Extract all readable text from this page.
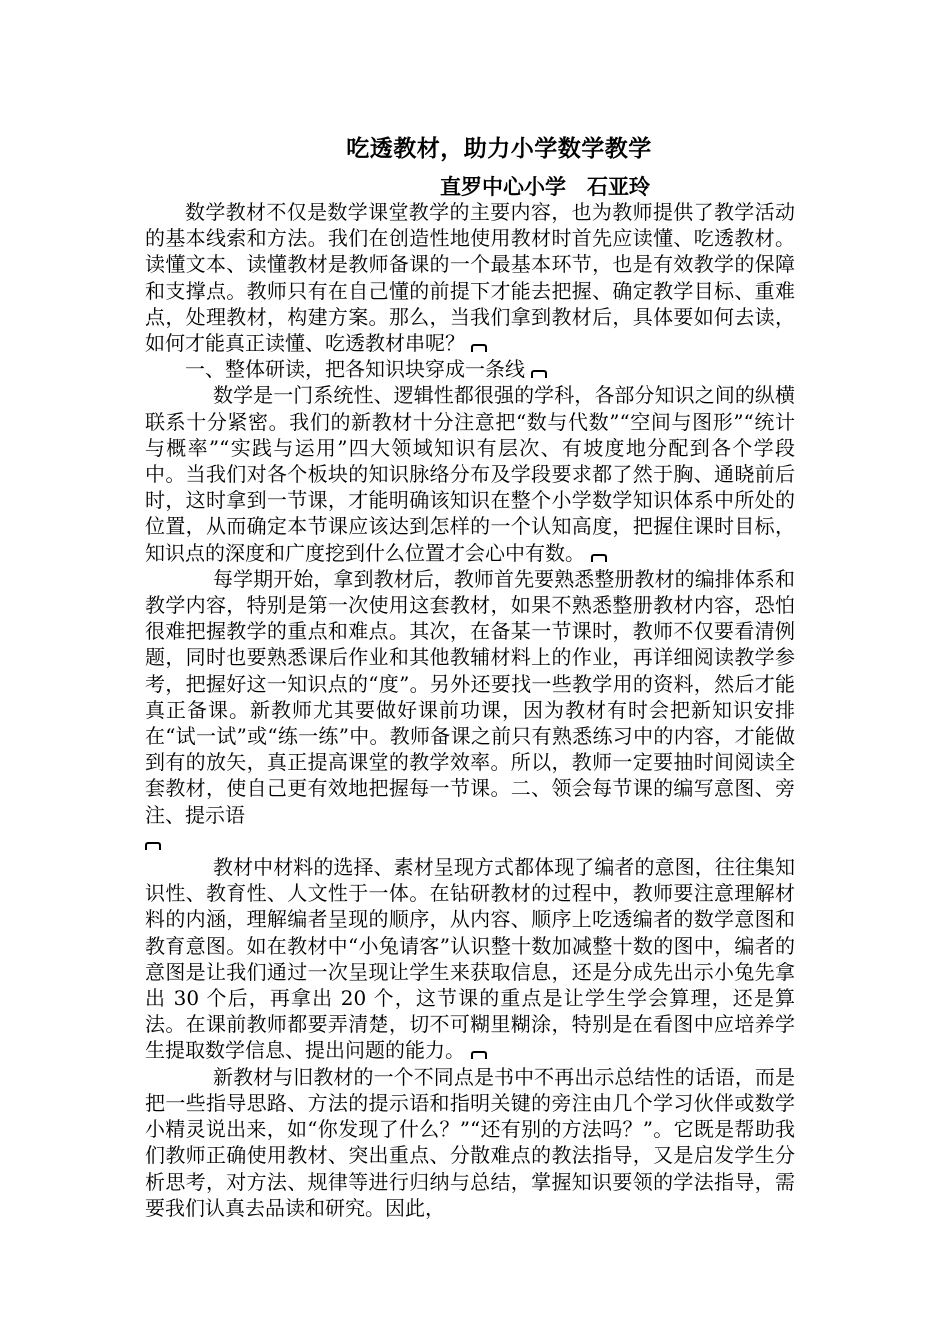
吃透教材，助力小学数学教学
直罗中心小学　石亚玲

数学教材不仅是数学课堂教学的主要内容，也为教师提供了教学活动的基本线索和方法。我们在创造性地使用教材时首先应读懂、吃透教材。读懂文本、读懂教材是教师备课的一个最基本环节，也是有效教学的保障和支撑点。教师只有在自己懂的前提下才能去把握、确定教学目标、重难点，处理教材，构建方案。那么，当我们拿到教材后，具体要如何去读，如何才能真正读懂、吃透教材串呢？

一、整体研读，把各知识块穿成一条线

数学是一门系统性、逻辑性都很强的学科，各部分知识之间的纵横联系十分紧密。我们的新教材十分注意把“数与代数”“空间与图形”“统计与概率”“实践与运用”四大领域知识有层次、有坡度地分配到各个学段中。当我们对各个板块的知识脉络分布及学段要求都了然于胸、通晓前后时，这时拿到一节课，才能明确该知识在整个小学数学知识体系中所处的位置，从而确定本节课应该达到怎样的一个认知高度，把握住课时目标，知识点的深度和广度挖到什么位置才会心中有数。

每学期开始，拿到教材后，教师首先要熟悉整册教材的编排体系和教学内容，特别是第一次使用这套教材，如果不熟悉整册教材内容，恐怕很难把握教学的重点和难点。其次，在备某一节课时，教师不仅要看清例题，同时也要熟悉课后作业和其他教辅材料上的作业，再详细阅读教学参考，把握好这一知识点的“度”。另外还要找一些教学用的资料，然后才能真正备课。新教师尤其要做好课前功课，因为教材有时会把新知识安排在“试一试”或“练一练”中。教师备课之前只有熟悉练习中的内容，才能做到有的放矢，真正提高课堂的教学效率。所以，教师一定要抽时间阅读全套教材，使自己更有效地把握每一节课。二、领会每节课的编写意图、旁注、提示语

教材中材料的选择、素材呈现方式都体现了编者的意图，往往集知识性、教育性、人文性于一体。在钻研教材的过程中，教师要注意理解材料的内涵，理解编者呈现的顺序，从内容、顺序上吃透编者的数学意图和教育意图。如在教材中“小兔请客”认识整十数加减整十数的图中，编者的意图是让我们通过一次呈现让学生来获取信息，还是分成先出示小兔先拿出 30 个后，再拿出 20 个，这节课的重点是让学生学会算理，还是算法。在课前教师都要弄清楚，切不可糊里糊涂，特别是在看图中应培养学生提取数学信息、提出问题的能力。

新教材与旧教材的一个不同点是书中不再出示总结性的话语，而是把一些指导思路、方法的提示语和指明关键的旁注由几个学习伙伴或数学小精灵说出来，如“你发现了什么？”“还有别的方法吗？”。它既是帮助我们教师正确使用教材、突出重点、分散难点的教法指导，又是启发学生分析思考，对方法、规律等进行归纳与总结，掌握知识要领的学法指导，需要我们认真去品读和研究。因此，
